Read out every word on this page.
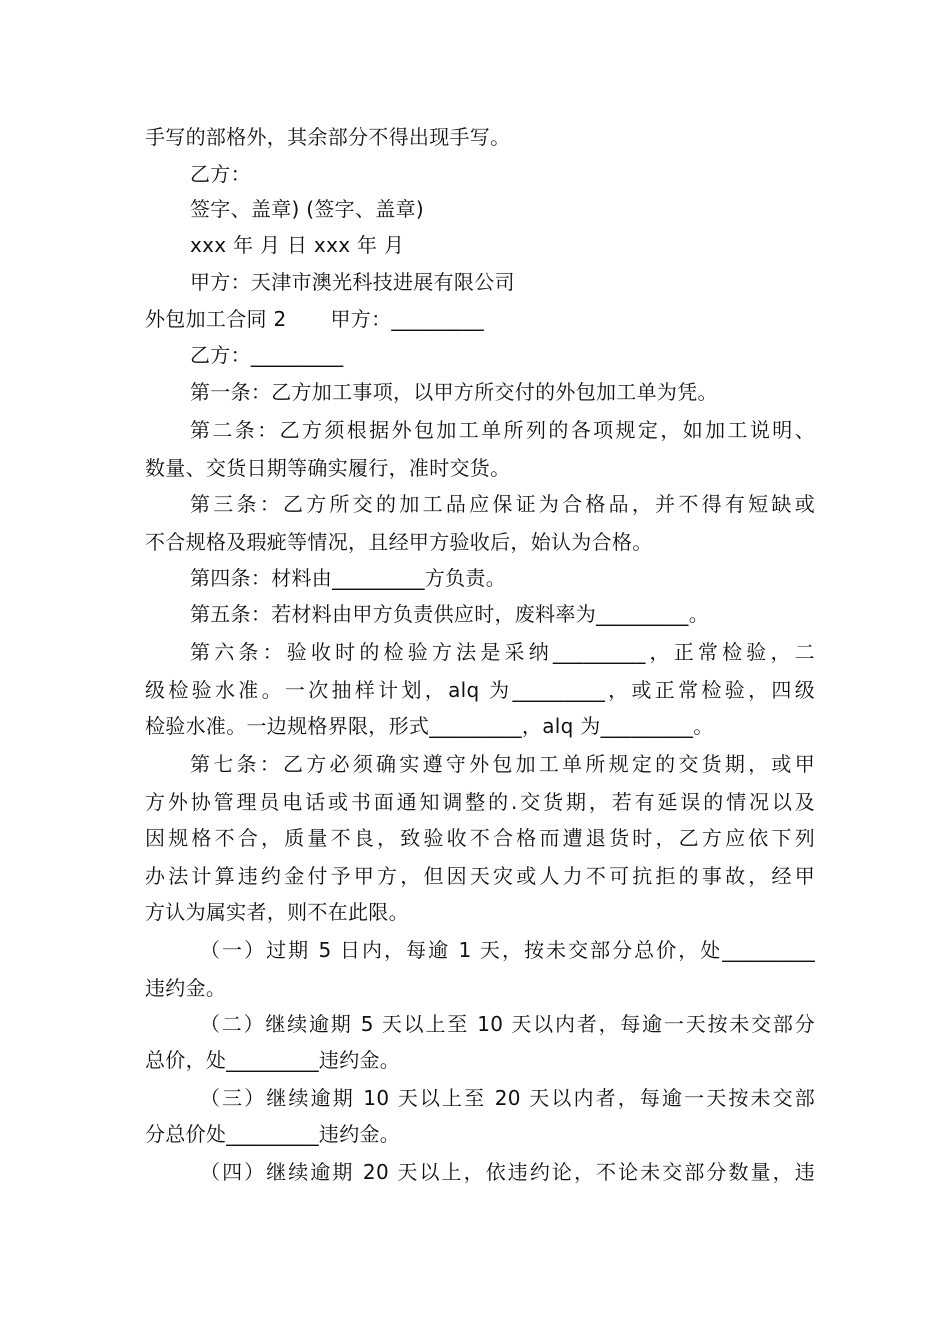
手写的部格外，其余部分不得出现手写。
乙方：
签字、盖章) (签字、盖章)
xxx 年 月 日 xxx 年 月
甲方：天津市澳光科技进展有限公司
外包加工合同 2 甲方：_________
乙方：_________
第一条：乙方加工事项，以甲方所交付的外包加工单为凭。
第二条：乙方须根据外包加工单所列的各项规定，如加工说明、
数量、交货日期等确实履行，准时交货。
第三条：乙方所交的加工品应保证为合格品，并不得有短缺或
不合规格及瑕疵等情况，且经甲方验收后，始认为合格。
第四条：材料由_________方负责。
第五条：若材料由甲方负责供应时，废料率为_________。
第六条：验收时的检验方法是采纳_________，正常检验，二
级检验水准。一次抽样计划，alq 为_________，或正常检验，四级
检验水准。一边规格界限，形式_________，alq 为_________。
第七条：乙方必须确实遵守外包加工单所规定的交货期，或甲
方外协管理员电话或书面通知调整的.交货期，若有延误的情况以及
因规格不合，质量不良，致验收不合格而遭退货时，乙方应依下列
办法计算违约金付予甲方，但因天灾或人力不可抗拒的事故，经甲
方认为属实者，则不在此限。
（一）过期 5 日内，每逾 1 天，按未交部分总价，处_________
违约金。
（二）继续逾期 5 天以上至 10 天以内者，每逾一天按未交部分
总价，处_________违约金。
（三）继续逾期 10 天以上至 20 天以内者，每逾一天按未交部
分总价处_________违约金。
（四）继续逾期 20 天以上，依违约论，不论未交部分数量，违
